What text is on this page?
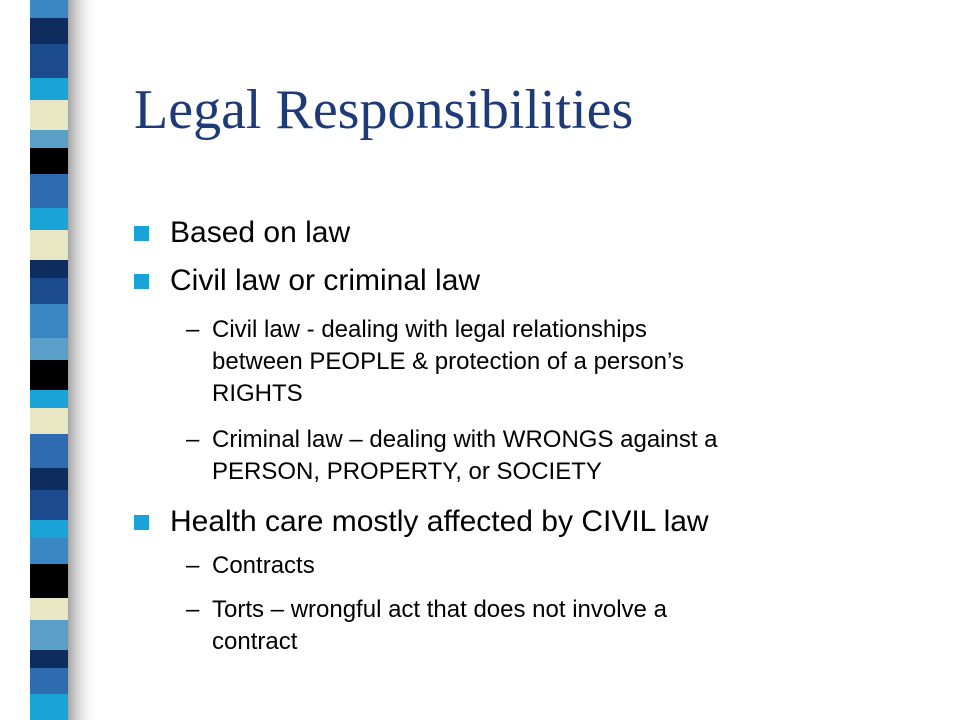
Legal Responsibilities
Based on law
Civil law or criminal law
– Civil law - dealing with legal relationships
between PEOPLE & protection of a person’s
RIGHTS
– Criminal law – dealing with WRONGS against a
PERSON, PROPERTY, or SOCIETY
Health care mostly affected by CIVIL law
– Contracts
– Torts – wrongful act that does not involve a
contract
